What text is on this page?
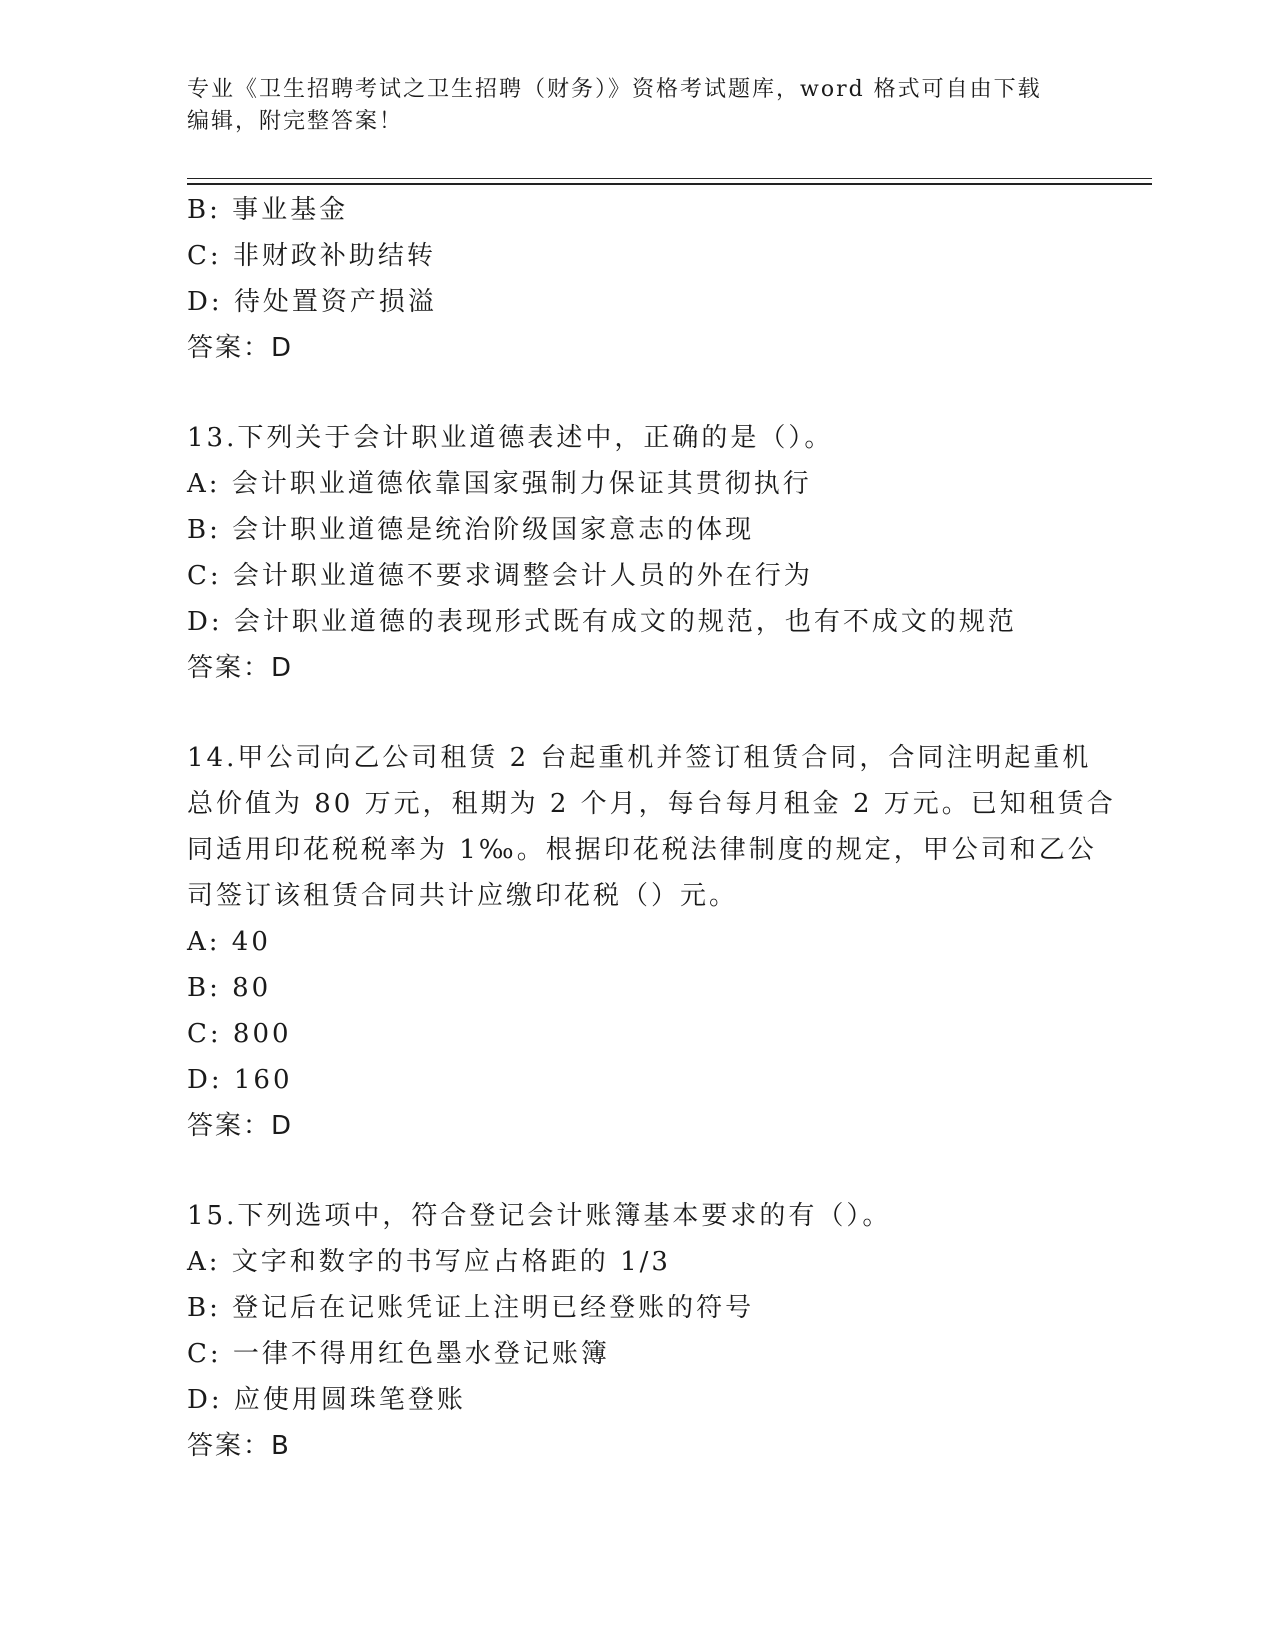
专业《卫生招聘考试之卫生招聘（财务）》资格考试题库，word 格式可自由下载
编辑，附完整答案！
B: 事业基金
C: 非财政补助结转
D: 待处置资产损溢
答案：D
13.下列关于会计职业道德表述中，正确的是（）。
A: 会计职业道德依靠国家强制力保证其贯彻执行
B: 会计职业道德是统治阶级国家意志的体现
C: 会计职业道德不要求调整会计人员的外在行为
D: 会计职业道德的表现形式既有成文的规范，也有不成文的规范
答案：D
14.甲公司向乙公司租赁 2 台起重机并签订租赁合同，合同注明起重机
总价值为 80 万元，租期为 2 个月，每台每月租金 2 万元。已知租赁合
同适用印花税税率为 1‰。根据印花税法律制度的规定，甲公司和乙公
司签订该租赁合同共计应缴印花税（）元。
A: 40
B: 80
C: 800
D: 160
答案：D
15.下列选项中，符合登记会计账簿基本要求的有（）。
A: 文字和数字的书写应占格距的 1/3
B: 登记后在记账凭证上注明已经登账的符号
C: 一律不得用红色墨水登记账簿
D: 应使用圆珠笔登账
答案：B
